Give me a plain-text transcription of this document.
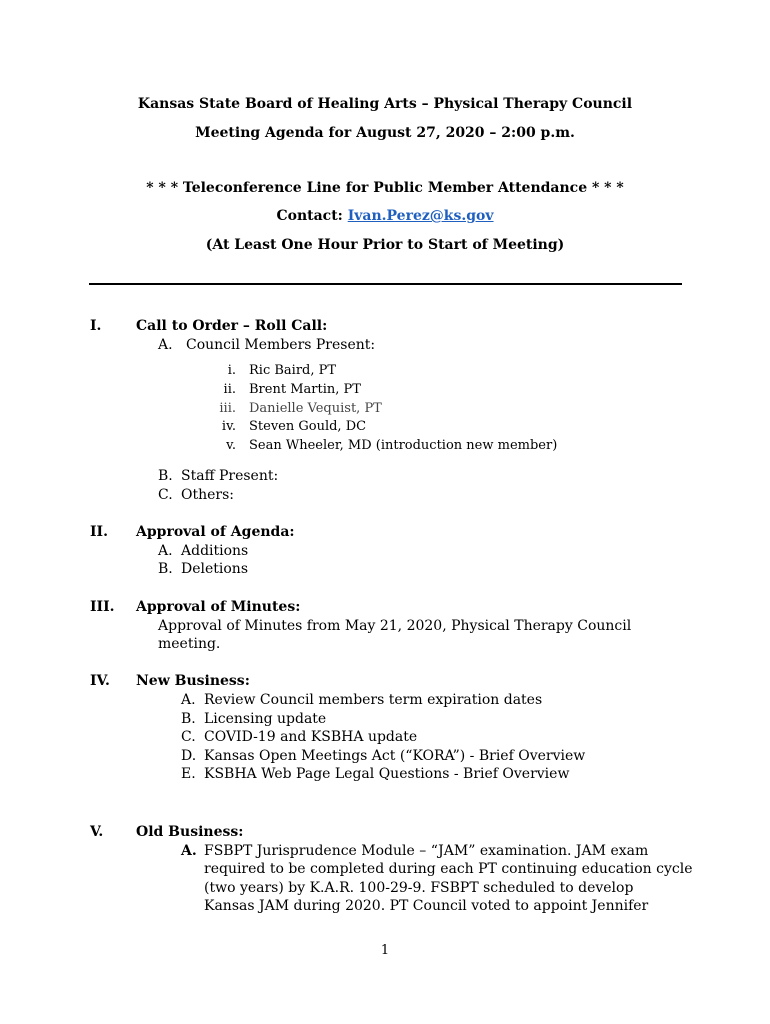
Kansas State Board of Healing Arts – Physical Therapy Council
Meeting Agenda for August 27, 2020 – 2:00 p.m.
* * * Teleconference Line for Public Member Attendance * * *
Contact: Ivan.Perez@ks.gov
(At Least One Hour Prior to Start of Meeting)
I. Call to Order – Roll Call:
A. Council Members Present:
i. Ric Baird, PT
ii. Brent Martin, PT
iii. Danielle Vequist, PT
iv. Steven Gould, DC
v. Sean Wheeler, MD (introduction new member)
B. Staff Present:
C. Others:
II. Approval of Agenda:
A. Additions
B. Deletions
III. Approval of Minutes:
Approval of Minutes from May 21, 2020, Physical Therapy Council
meeting.
IV. New Business:
A. Review Council members term expiration dates
B. Licensing update
C. COVID-19 and KSBHA update
D. Kansas Open Meetings Act (“KORA”) - Brief Overview
E. KSBHA Web Page Legal Questions - Brief Overview
V. Old Business:
A. FSBPT Jurisprudence Module – “JAM” examination. JAM exam
required to be completed during each PT continuing education cycle
(two years) by K.A.R. 100-29-9. FSBPT scheduled to develop
Kansas JAM during 2020. PT Council voted to appoint Jennifer
1
